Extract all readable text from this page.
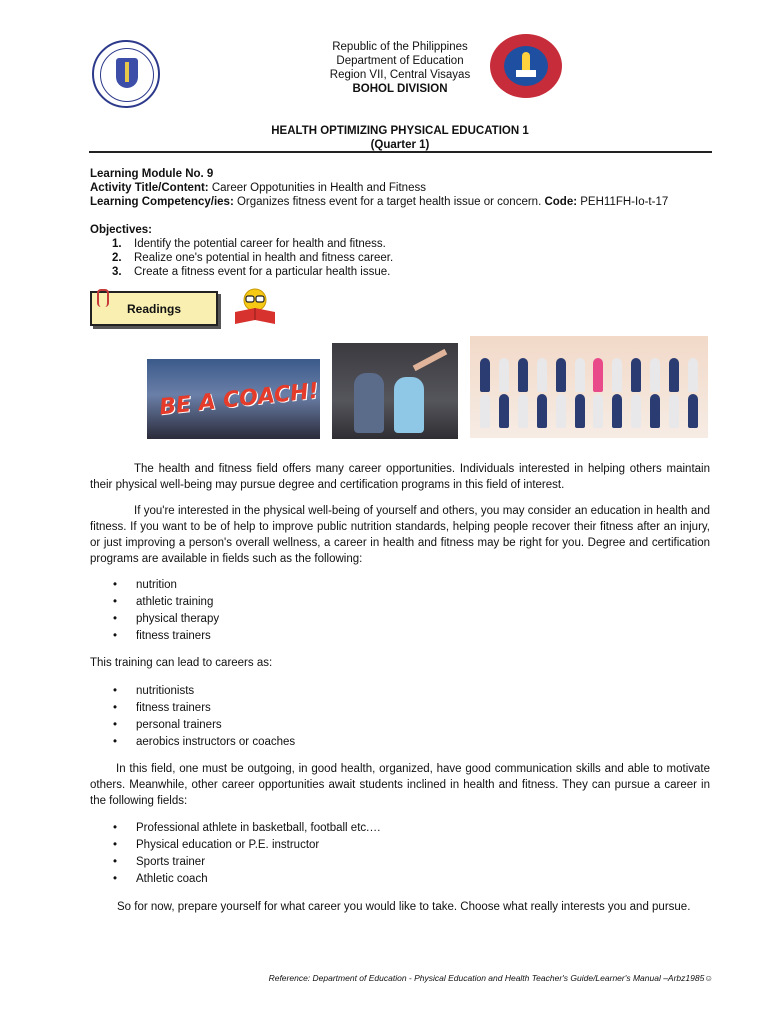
Republic of the Philippines
Department of Education
Region VII, Central Visayas
BOHOL DIVISION
HEALTH OPTIMIZING PHYSICAL EDUCATION 1
(Quarter 1)
Learning Module No. 9
Activity Title/Content: Career Oppotunities in Health and Fitness
Learning Competency/ies: Organizes fitness event for a target health issue or concern. Code: PEH11FH-Io-t-17
Objectives:
1. Identify the potential career for health and fitness.
2. Realize one's potential in health and fitness career.
3. Create a fitness event for a particular health issue.
Readings
BE A COACH!
The health and fitness field offers many career opportunities. Individuals interested in helping others maintain their physical well-being may pursue degree and certification programs in this field of interest.
If you're interested in the physical well-being of yourself and others, you may consider an education in health and fitness. If you want to be of help to improve public nutrition standards, helping people recover their fitness after an injury, or just improving a person's overall wellness, a career in health and fitness may be right for you. Degree and certification programs are available in fields such as the following:
• nutrition
• athletic training
• physical therapy
• fitness trainers
This training can lead to careers as:
• nutritionists
• fitness trainers
• personal trainers
• aerobics instructors or coaches
In this field, one must be outgoing, in good health, organized, have good communication skills and able to motivate others. Meanwhile, other career opportunities await students inclined in health and fitness. They can pursue a career in the following fields:
• Professional athlete in basketball, football etc.…
• Physical education or P.E. instructor
• Sports trainer
• Athletic coach
So for now, prepare yourself for what career you would like to take. Choose what really interests you and pursue.
Reference: Department of Education - Physical Education and Health Teacher's Guide/Learner's Manual –Arbz1985☺
